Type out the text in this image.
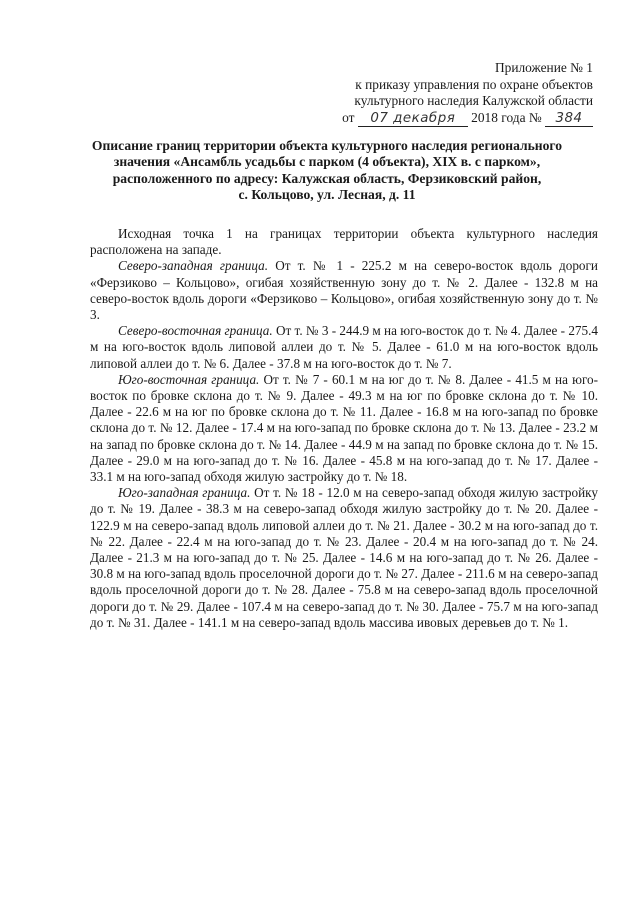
Приложение № 1
к приказу управления по охране объектов
культурного наследия Калужской области
от 07 декабря 2018 года № 384
Описание границ территории объекта культурного наследия регионального
значения «Ансамбль усадьбы с парком (4 объекта), XIX в. с парком»,
расположенного по адресу: Калужская область, Ферзиковский район,
с. Кольцово, ул. Лесная, д. 11

Исходная точка 1 на границах территории объекта культурного наследия расположена на западе.

Северо-западная граница. От т. № 1 - 225.2 м на северо-восток вдоль дороги «Ферзиково – Кольцово», огибая хозяйственную зону до т. № 2. Далее - 132.8 м на северо-восток вдоль дороги «Ферзиково – Кольцово», огибая хозяйственную зону до т. № 3.

Северо-восточная граница. От т. № 3 - 244.9 м на юго-восток до т. № 4. Далее - 275.4 м на юго-восток вдоль липовой аллеи до т. № 5. Далее - 61.0 м на юго-восток вдоль липовой аллеи до т. № 6. Далее - 37.8 м на юго-восток до т. № 7.

Юго-восточная граница. От т. № 7 - 60.1 м на юг до т. № 8. Далее - 41.5 м на юго-восток по бровке склона до т. № 9. Далее - 49.3 м на юг по бровке склона до т. № 10. Далее - 22.6 м на юг по бровке склона до т. № 11. Далее - 16.8 м на юго-запад по бровке склона до т. № 12. Далее - 17.4 м на юго-запад по бровке склона до т. № 13. Далее - 23.2 м на запад по бровке склона до т. № 14. Далее - 44.9 м на запад по бровке склона до т. № 15. Далее - 29.0 м на юго-запад до т. № 16. Далее - 45.8 м на юго-запад до т. № 17. Далее - 33.1 м на юго-запад обходя жилую застройку до т. № 18.

Юго-западная граница. От т. № 18 - 12.0 м на северо-запад обходя жилую застройку до т. № 19. Далее - 38.3 м на северо-запад обходя жилую застройку до т. № 20. Далее - 122.9 м на северо-запад вдоль липовой аллеи до т. № 21. Далее - 30.2 м на юго-запад до т. № 22. Далее - 22.4 м на юго-запад до т. № 23. Далее - 20.4 м на юго-запад до т. № 24. Далее - 21.3 м на юго-запад до т. № 25. Далее - 14.6 м на юго-запад до т. № 26. Далее - 30.8 м на юго-запад вдоль проселочной дороги до т. № 27. Далее - 211.6 м на северо-запад вдоль проселочной дороги до т. № 28. Далее - 75.8 м на северо-запад вдоль проселочной дороги до т. № 29. Далее - 107.4 м на северо-запад до т. № 30. Далее - 75.7 м на юго-запад до т. № 31. Далее - 141.1 м на северо-запад вдоль массива ивовых деревьев до т. № 1.
